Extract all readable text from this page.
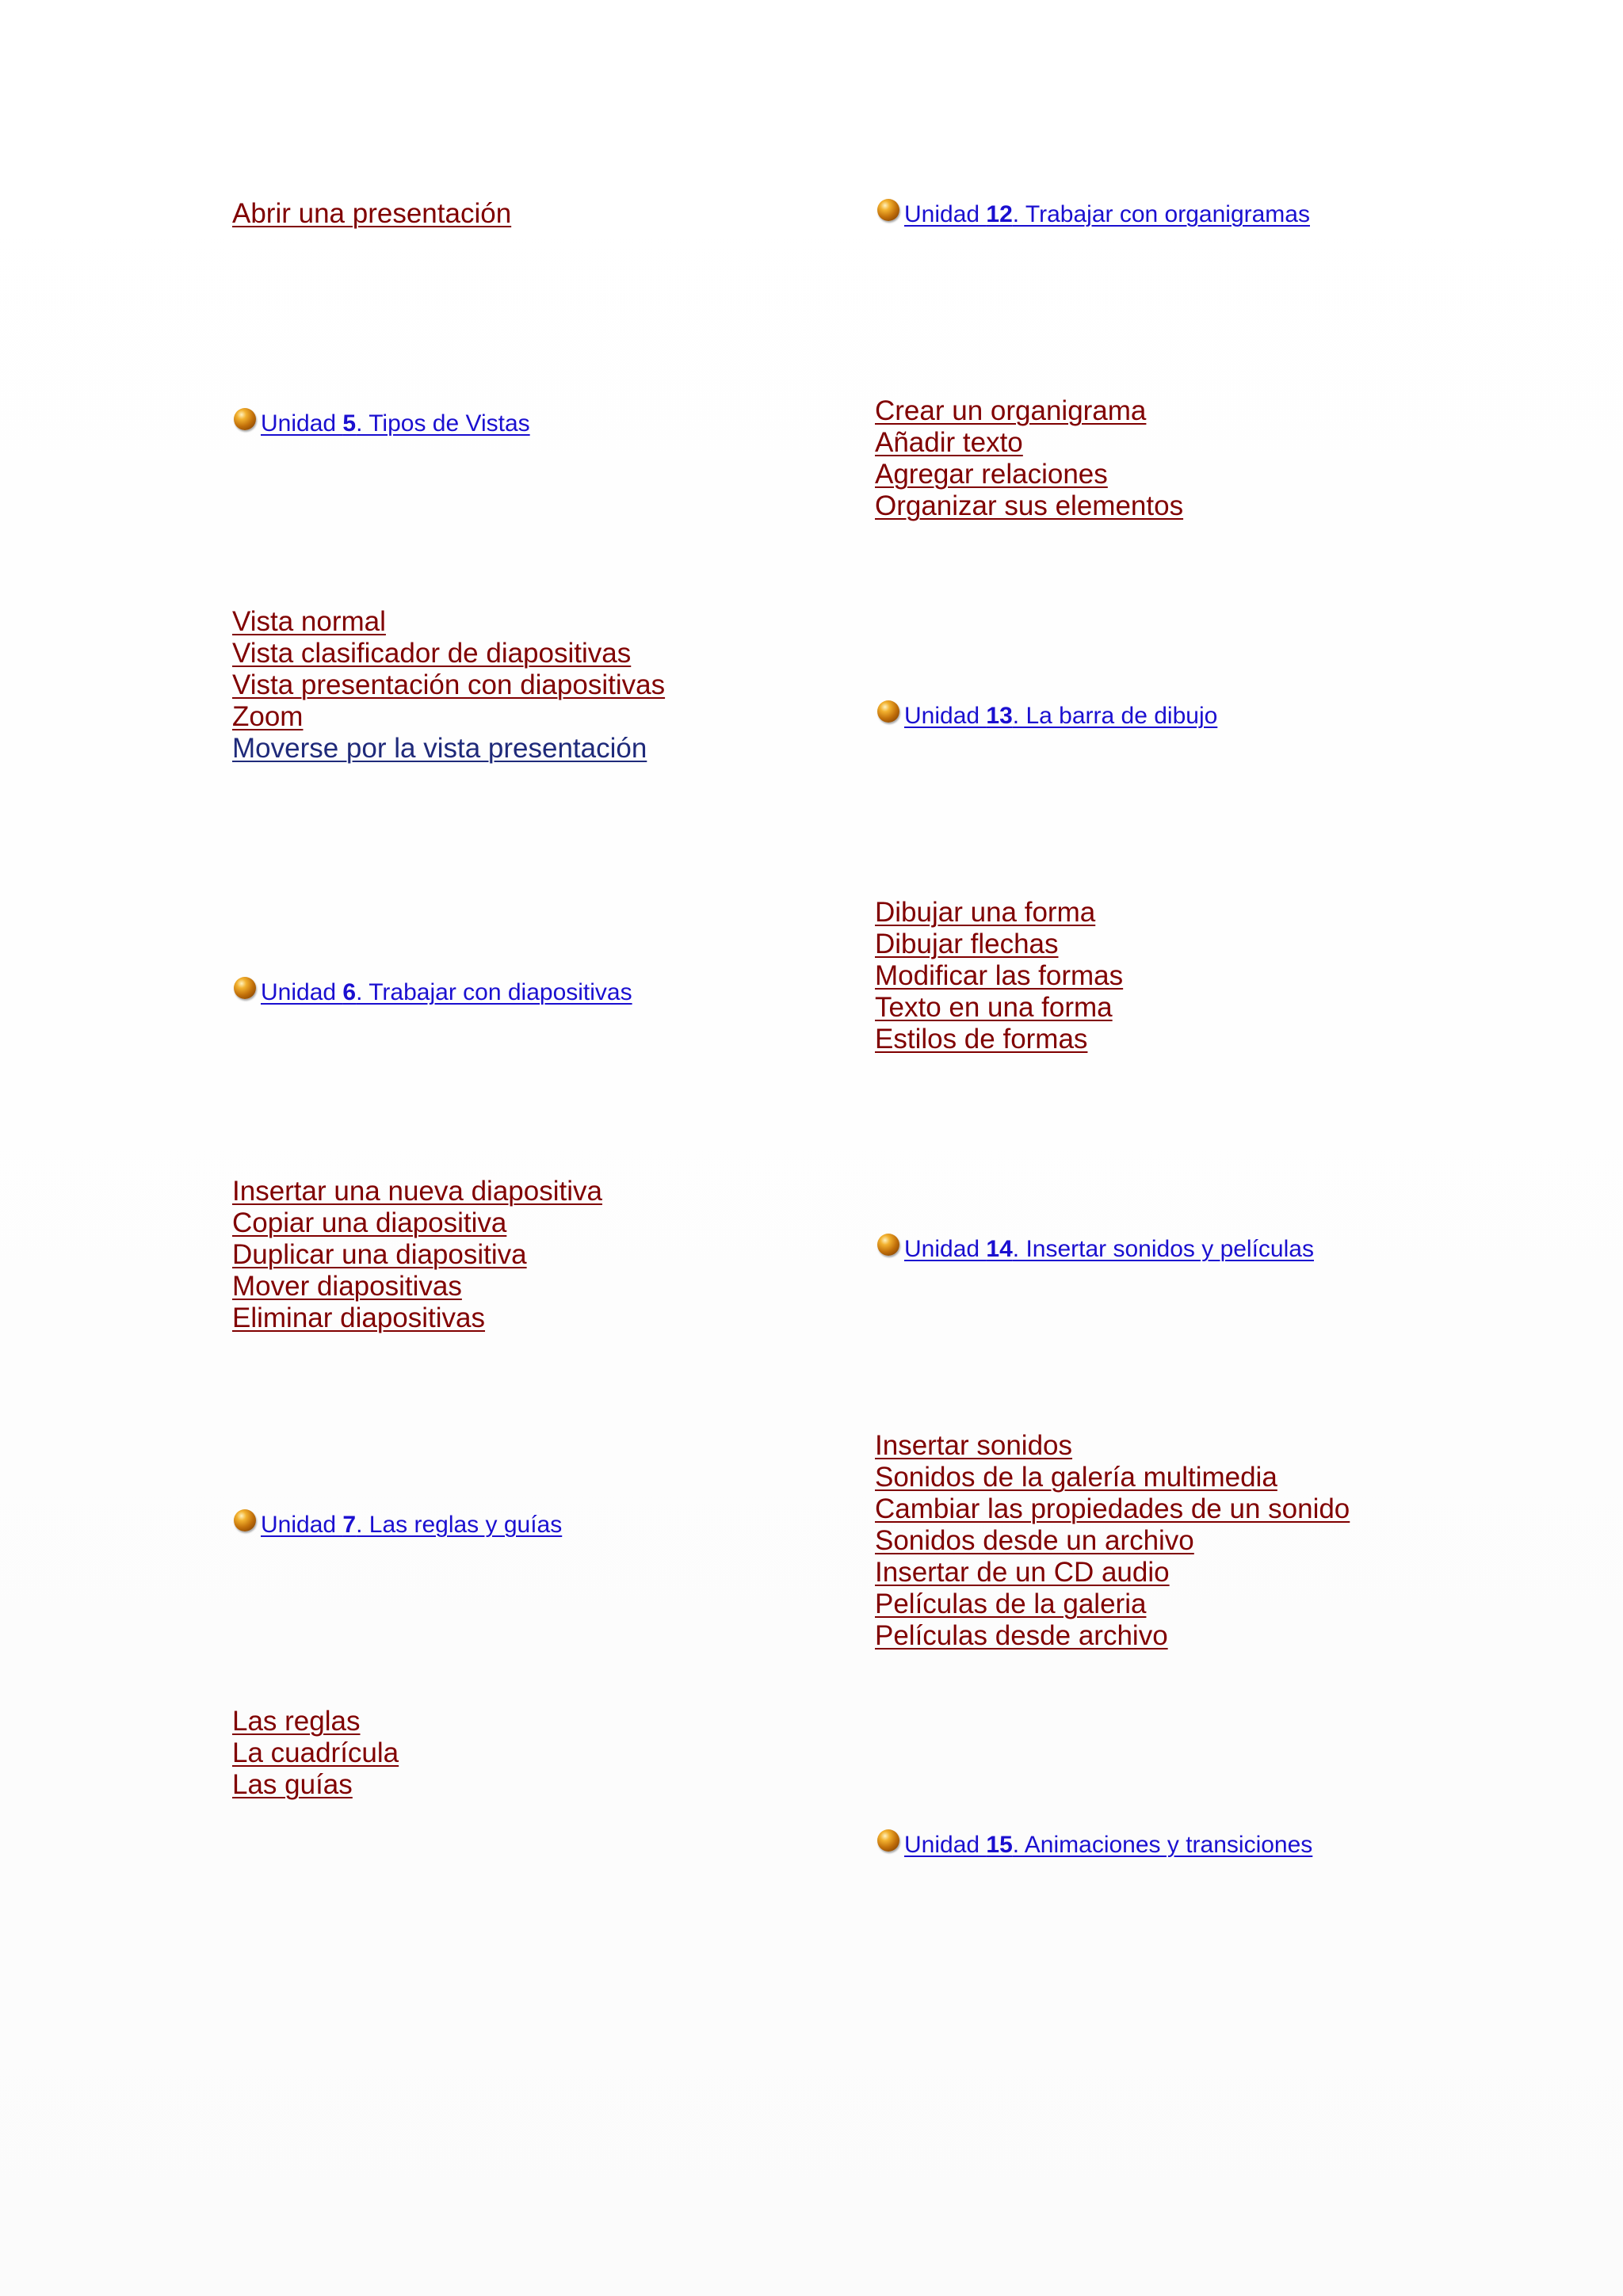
Abrir una presentación
Unidad 5. Tipos de Vistas
Vista normal
Vista clasificador de diapositivas
Vista presentación con diapositivas
Zoom
Moverse por la vista presentación
Unidad 6. Trabajar con diapositivas
Insertar una nueva diapositiva
Copiar una diapositiva
Duplicar una diapositiva
Mover diapositivas
Eliminar diapositivas
Unidad 7. Las reglas y guías
Las reglas
La cuadrícula
Las guías
Unidad 12. Trabajar con organigramas
Crear un organigrama
Añadir texto
Agregar relaciones
Organizar sus elementos
Unidad 13. La barra de dibujo
Dibujar una forma
Dibujar flechas
Modificar las formas
Texto en una forma
Estilos de formas
Unidad 14. Insertar sonidos y películas
Insertar sonidos
Sonidos de la galería multimedia
Cambiar las propiedades de un sonido
Sonidos desde un archivo
Insertar de un CD audio
Películas de la galeria
Películas desde archivo
Unidad 15. Animaciones y transiciones
